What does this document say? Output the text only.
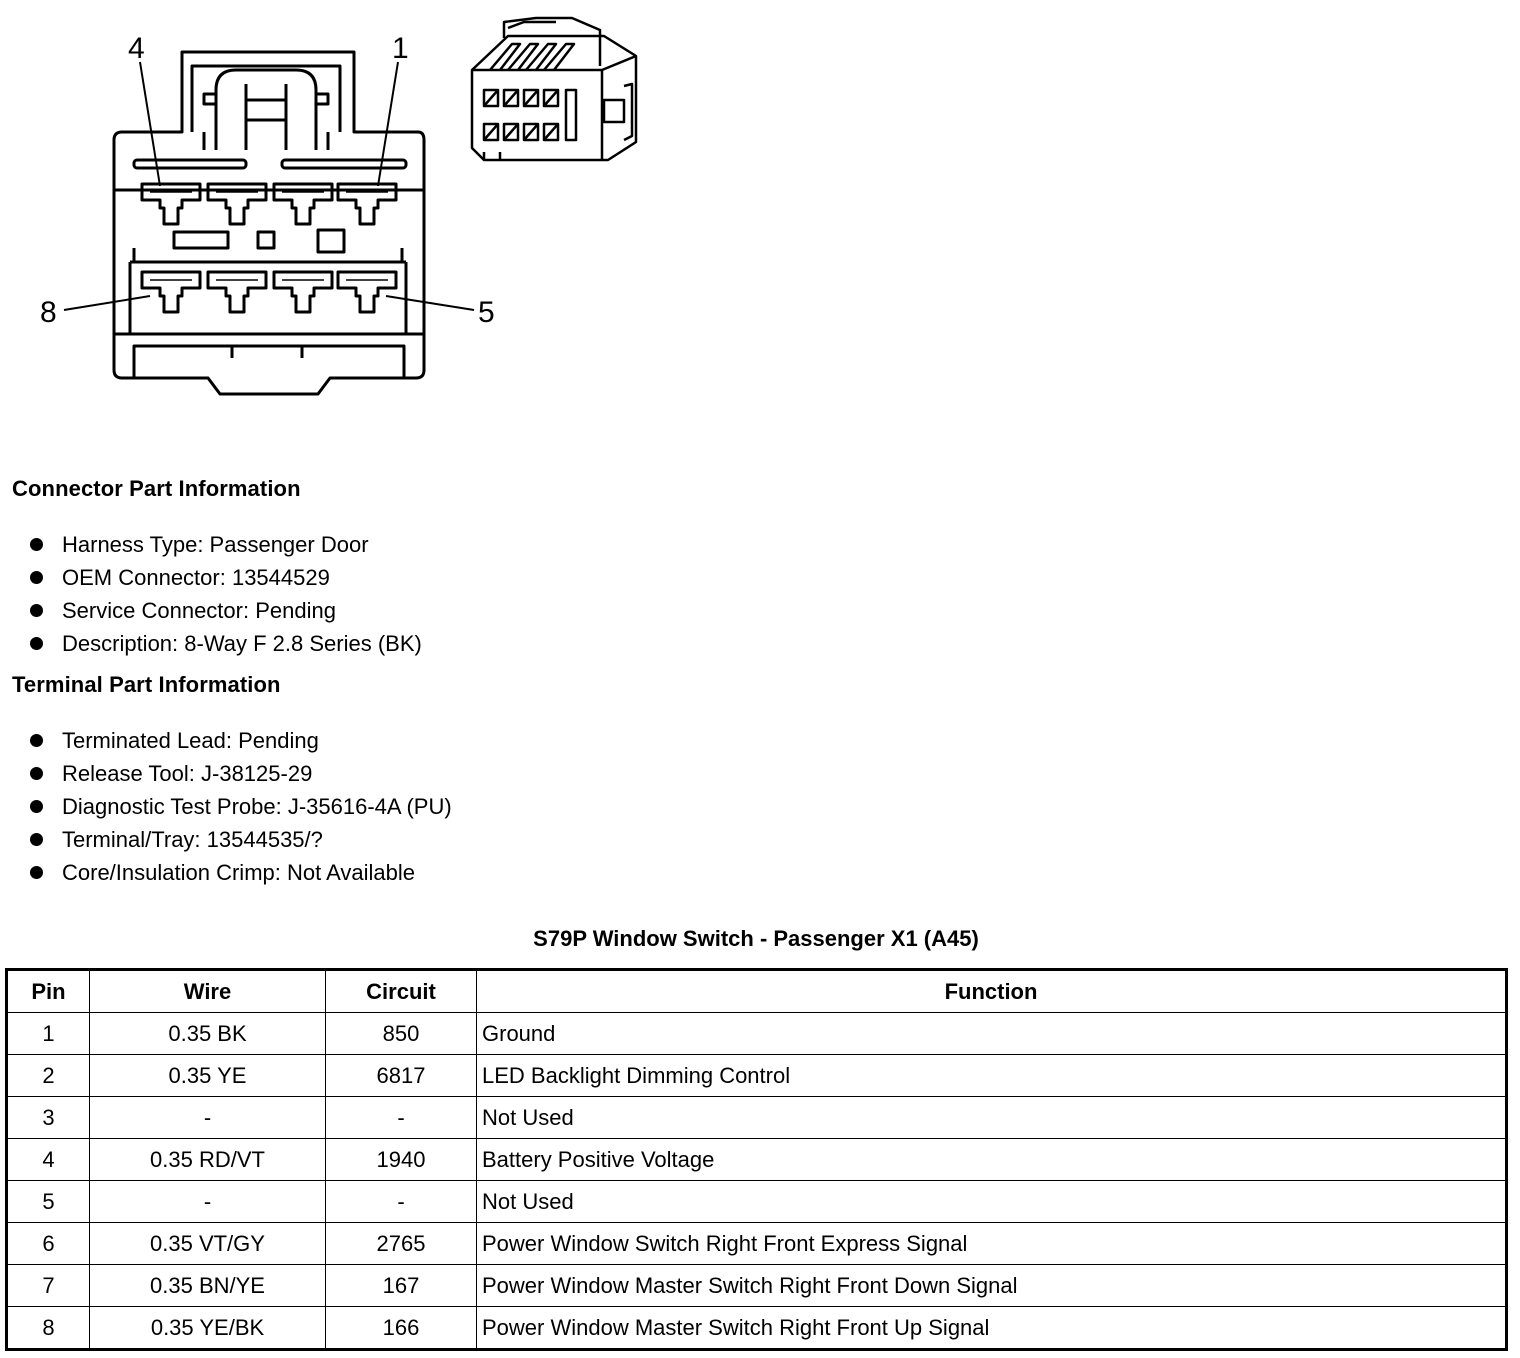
4	1
8	5
Connector Part Information
Harness Type: Passenger Door
OEM Connector: 13544529
Service Connector: Pending
Description: 8-Way F 2.8 Series (BK)
Terminal Part Information
Terminated Lead: Pending
Release Tool: J-38125-29
Diagnostic Test Probe: J-35616-4A (PU)
Terminal/Tray: 13544535/?
Core/Insulation Crimp: Not Available
S79P Window Switch - Passenger X1 (A45)
Pin	Wire	Circuit	Function
1	0.35 BK	850	Ground
2	0.35 YE	6817	LED Backlight Dimming Control
3	-	-	Not Used
4	0.35 RD/VT	1940	Battery Positive Voltage
5	-	-	Not Used
6	0.35 VT/GY	2765	Power Window Switch Right Front Express Signal
7	0.35 BN/YE	167	Power Window Master Switch Right Front Down Signal
8	0.35 YE/BK	166	Power Window Master Switch Right Front Up Signal
